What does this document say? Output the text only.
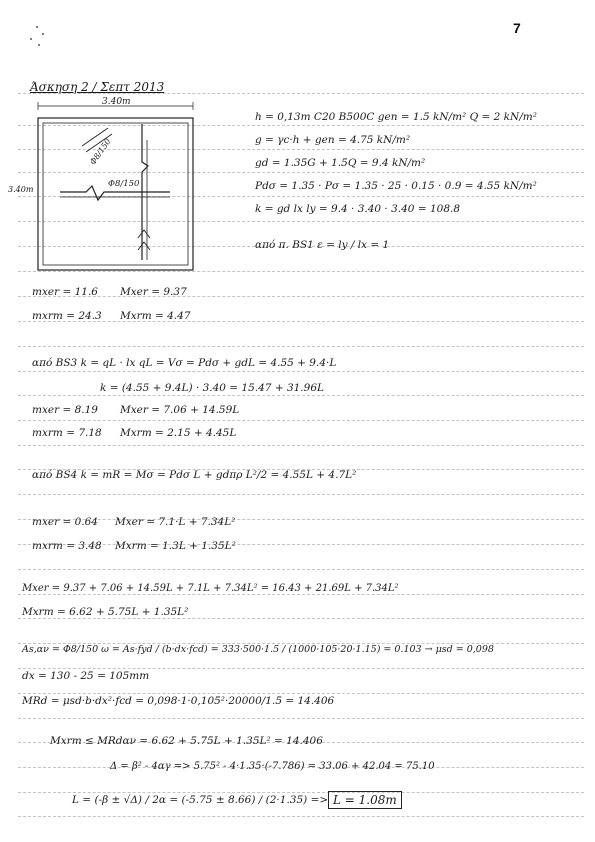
7
Άσκηση 2 / Σεπτ 2013
3.40m
3.40m
Φ8/150
Φ8/150
h = 0,13m C20 B500C gen = 1.5 kN/m² Q = 2 kN/m²
g = γc·h + gen = 4.75 kN/m²
gd = 1.35G + 1.5Q = 9.4 kN/m²
Pdσ = 1.35 · Pσ = 1.35 · 25 · 0.15 · 0.9 = 4.55 kN/m²
k = gd lx ly = 9.4 · 3.40 · 3.40 = 108.8
από π. BS1 ε = ly / lx = 1
mxer = 11.6 Mxer = 9.37
mxrm = 24.3 Mxrm = 4.47
από BS3 k = qL · lx qL = Vσ = Pdσ + gdL = 4.55 + 9.4·L
k = (4.55 + 9.4L) · 3.40 = 15.47 + 31.96L
mxer = 8.19 Mxer = 7.06 + 14.59L
mxrm = 7.18 Mxrm = 2.15 + 4.45L
από BS4 k = mR = Mσ = Pdσ L + gdπρ L²/2 = 4.55L + 4.7L²
mxer = 0.64 Mxer = 7.1·L + 7.34L²
mxrm = 3.48 Mxrm = 1.3L + 1.35L²
Mxer = 9.37 + 7.06 + 14.59L + 7.1L + 7.34L² = 16.43 + 21.69L + 7.34L²
Mxrm = 6.62 + 5.75L + 1.35L²
As,αν = Φ8/150 ω = As·fyd / (b·dx·fcd) = 333·500·1.5 / (1000·105·20·1.15) = 0.103 → μsd = 0,098
dx = 130 - 25 = 105mm
MRd = μsd·b·dx²·fcd = 0,098·1·0,105²·20000/1.5 = 14.406
Mxrm ≤ MRdαν = 6.62 + 5.75L + 1.35L² = 14.406
Δ = β² - 4αγ => 5.75² - 4·1.35·(-7.786) = 33.06 + 42.04 = 75.10
L = (-β ± √Δ) / 2α = (-5.75 ± 8.66) / (2·1.35) => L = 1.08m
